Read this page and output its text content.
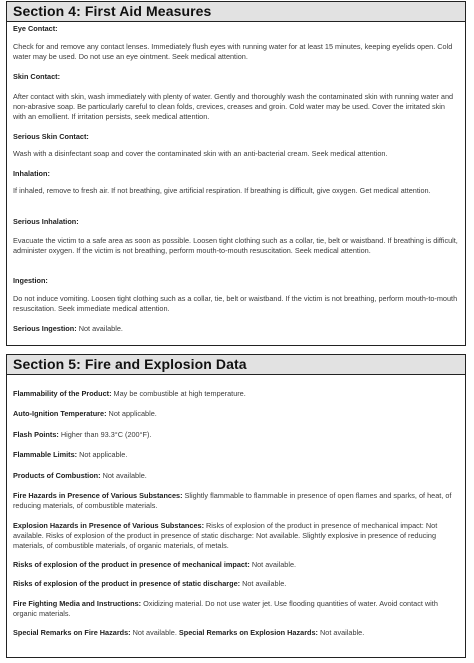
Section 4: First Aid Measures
Eye Contact:
Check for and remove any contact lenses. Immediately flush eyes with running water for at least 15 minutes, keeping eyelids open. Cold water may be used. Do not use an eye ointment. Seek medical attention.
Skin Contact:
After contact with skin, wash immediately with plenty of water. Gently and thoroughly wash the contaminated skin with running water and non-abrasive soap. Be particularly careful to clean folds, crevices, creases and groin. Cold water may be used. Cover the irritated skin with an emollient. If irritation persists, seek medical attention.
Serious Skin Contact:
Wash with a disinfectant soap and cover the contaminated skin with an anti-bacterial cream. Seek medical attention.
Inhalation:
If inhaled, remove to fresh air. If not breathing, give artificial respiration. If breathing is difficult, give oxygen. Get medical attention.
Serious Inhalation:
Evacuate the victim to a safe area as soon as possible. Loosen tight clothing such as a collar, tie, belt or waistband. If breathing is difficult, administer oxygen. If the victim is not breathing, perform mouth-to-mouth resuscitation. Seek medical attention.
Ingestion:
Do not induce vomiting. Loosen tight clothing such as a collar, tie, belt or waistband. If the victim is not breathing, perform mouth-to-mouth resuscitation. Seek immediate medical attention.
Serious Ingestion: Not available.
Section 5: Fire and Explosion Data
Flammability of the Product: May be combustible at high temperature.
Auto-Ignition Temperature: Not applicable.
Flash Points: Higher than 93.3°C (200°F).
Flammable Limits: Not applicable.
Products of Combustion: Not available.
Fire Hazards in Presence of Various Substances: Slightly flammable to flammable in presence of open flames and sparks, of heat, of reducing materials, of combustible materials.
Explosion Hazards in Presence of Various Substances: Risks of explosion of the product in presence of mechanical impact: Not available. Risks of explosion of the product in presence of static discharge: Not available. Slightly explosive in presence of reducing materials, of combustible materials, of organic materials, of metals.
Risks of explosion of the product in presence of mechanical impact: Not available.
Risks of explosion of the product in presence of static discharge: Not available.
Fire Fighting Media and Instructions: Oxidizing material. Do not use water jet. Use flooding quantities of water. Avoid contact with organic materials.
Special Remarks on Fire Hazards: Not available. Special Remarks on Explosion Hazards: Not available.
